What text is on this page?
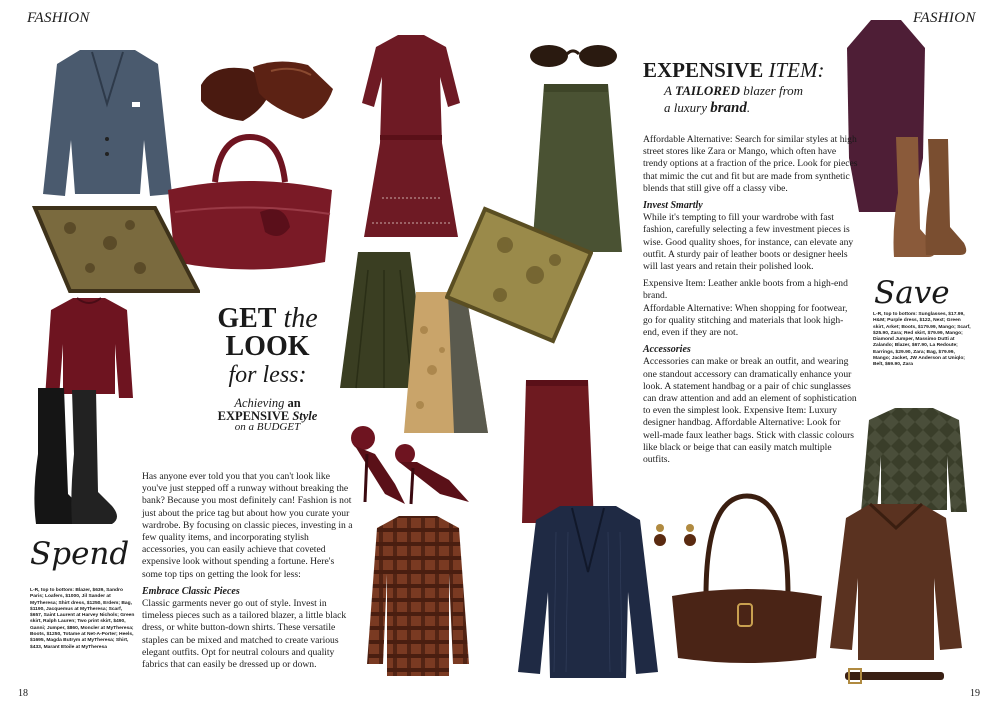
FASHION	FASHION
18	19
GET the
LOOK
for less:
Achieving an
EXPENSIVE Style
on a BUDGET

Has anyone ever told you that you can't look like you've just stepped off a runway without breaking the bank? Because you most definitely can! Fashion is not just about the price tag but about how you curate your wardrobe. By focusing on classic pieces, investing in a few quality items, and incorporating stylish accessories, you can easily achieve that coveted expensive look without spending a fortune. Here's some top tips on getting the look for less:

Embrace Classic Pieces

Classic garments never go out of style. Invest in timeless pieces such as a tailored blazer, a little black dress, or white button-down shirts. These versatile staples can be mixed and matched to create various elegant outfits. Opt for neutral colours and quality fabrics that can easily be dressed up or down.

Spend
L-R, top to bottom: Blazer, $639, Sandro Paris; Loafers, $1000, Jil Sander at MyTheresa; Shirt dress, $1250, Erdem; Bag, $1190, Jacquemus at MyTheresa; Scarf, $657, Saint Laurent at Harvey Nichols; Green skirt, Ralph Lauren; Two print skirt, $490, Ganni; Jumper, $860, Moncler at MyTheresa; Boots, $1250, Totame at Net-A-Porter; Heels, $1695, Magda Butrym at MyTheresa; Shirt, $433, Marant Etoile at MyTheresa
EXPENSIVE ITEM:
A TAILORED blazer from
a luxury brand.

Affordable Alternative: Search for similar styles at high street stores like Zara or Mango, which often have trendy options at a fraction of the price. Look for pieces that mimic the cut and fit but are made from synthetic blends that still give off a classy vibe.

Invest Smartly

While it's tempting to fill your wardrobe with fast fashion, carefully selecting a few investment pieces is wise. Good quality shoes, for instance, can elevate any outfit. A sturdy pair of leather boots or designer heels will last years and retain their polished look.

Expensive Item: Leather ankle boots from a high-end brand.

Affordable Alternative: When shopping for footwear, go for quality stitching and materials that look high-end, even if they are not.

Accessories

Accessories can make or break an outfit, and wearing one standout accessory can dramatically enhance your look. A statement handbag or a pair of chic sunglasses can draw attention and add an element of sophistication to even the simplest look. Expensive Item: Luxury designer handbag. Affordable Alternative: Look for well-made faux leather bags. Stick with classic colours like black or beige that can easily match multiple outfits.

Save
L-R, top to bottom: Sunglasses, $17.99, H&M; Purple dress, $122, Next; Green skirt, Arket; Boots, $179.99, Mango; Scarf, $25.90, Zara; Red skirt, $79.99, Mango; Diamond Jumper, Massimo Dutti at Zalando; Blazer, $67.90, La Redoute; Earrings, $29.90, Zara; Bag, $79.99, Mango; Jacket, JW Anderson at Uniqlo; Belt, $69.90, Zara
